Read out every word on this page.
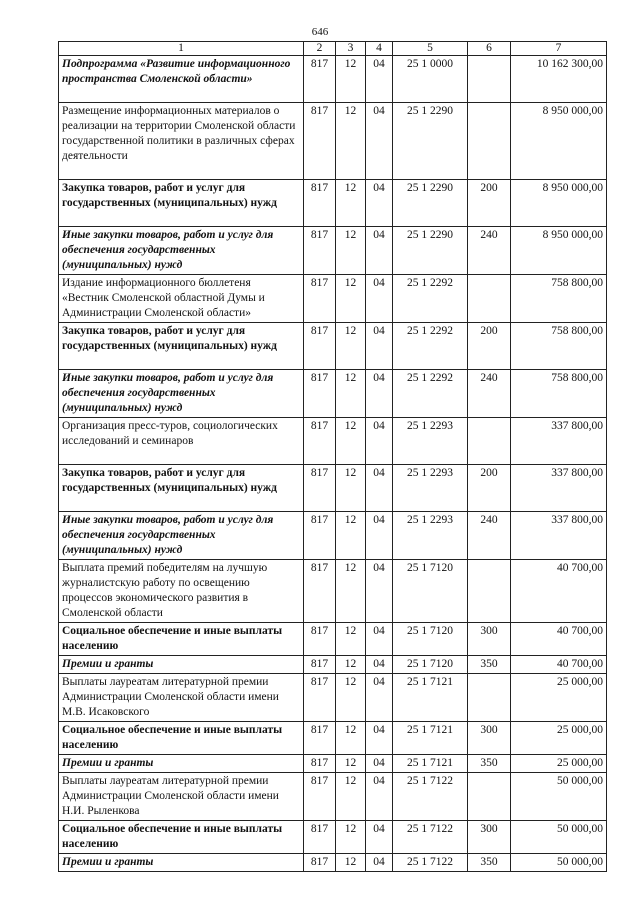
646
1	2	3	4	5	6	7
Подпрограмма «Развитие информационного пространства Смоленской области»	817	12	04	25 1 0000		10 162 300,00
Размещение информационных материалов о реализации на территории Смоленской области государственной политики в различных сферах деятельности	817	12	04	25 1 2290		8 950 000,00
Закупка товаров, работ и услуг для государственных (муниципальных) нужд	817	12	04	25 1 2290	200	8 950 000,00
Иные закупки товаров, работ и услуг для обеспечения государственных (муниципальных) нужд	817	12	04	25 1 2290	240	8 950 000,00
Издание информационного бюллетеня «Вестник Смоленской областной Думы и Администрации Смоленской области»	817	12	04	25 1 2292		758 800,00
Закупка товаров, работ и услуг для государственных (муниципальных) нужд	817	12	04	25 1 2292	200	758 800,00
Иные закупки товаров, работ и услуг для обеспечения государственных (муниципальных) нужд	817	12	04	25 1 2292	240	758 800,00
Организация пресс-туров, социологических исследований и семинаров	817	12	04	25 1 2293		337 800,00
Закупка товаров, работ и услуг для государственных (муниципальных) нужд	817	12	04	25 1 2293	200	337 800,00
Иные закупки товаров, работ и услуг для обеспечения государственных (муниципальных) нужд	817	12	04	25 1 2293	240	337 800,00
Выплата премий победителям на лучшую журналистскую работу по освещению процессов экономического развития в Смоленской области	817	12	04	25 1 7120		40 700,00
Социальное обеспечение и иные выплаты населению	817	12	04	25 1 7120	300	40 700,00
Премии и гранты	817	12	04	25 1 7120	350	40 700,00
Выплаты лауреатам литературной премии Администрации Смоленской области имени М.В. Исаковского	817	12	04	25 1 7121		25 000,00
Социальное обеспечение и иные выплаты населению	817	12	04	25 1 7121	300	25 000,00
Премии и гранты	817	12	04	25 1 7121	350	25 000,00
Выплаты лауреатам литературной премии Администрации Смоленской области имени Н.И. Рыленкова	817	12	04	25 1 7122		50 000,00
Социальное обеспечение и иные выплаты населению	817	12	04	25 1 7122	300	50 000,00
Премии и гранты	817	12	04	25 1 7122	350	50 000,00
